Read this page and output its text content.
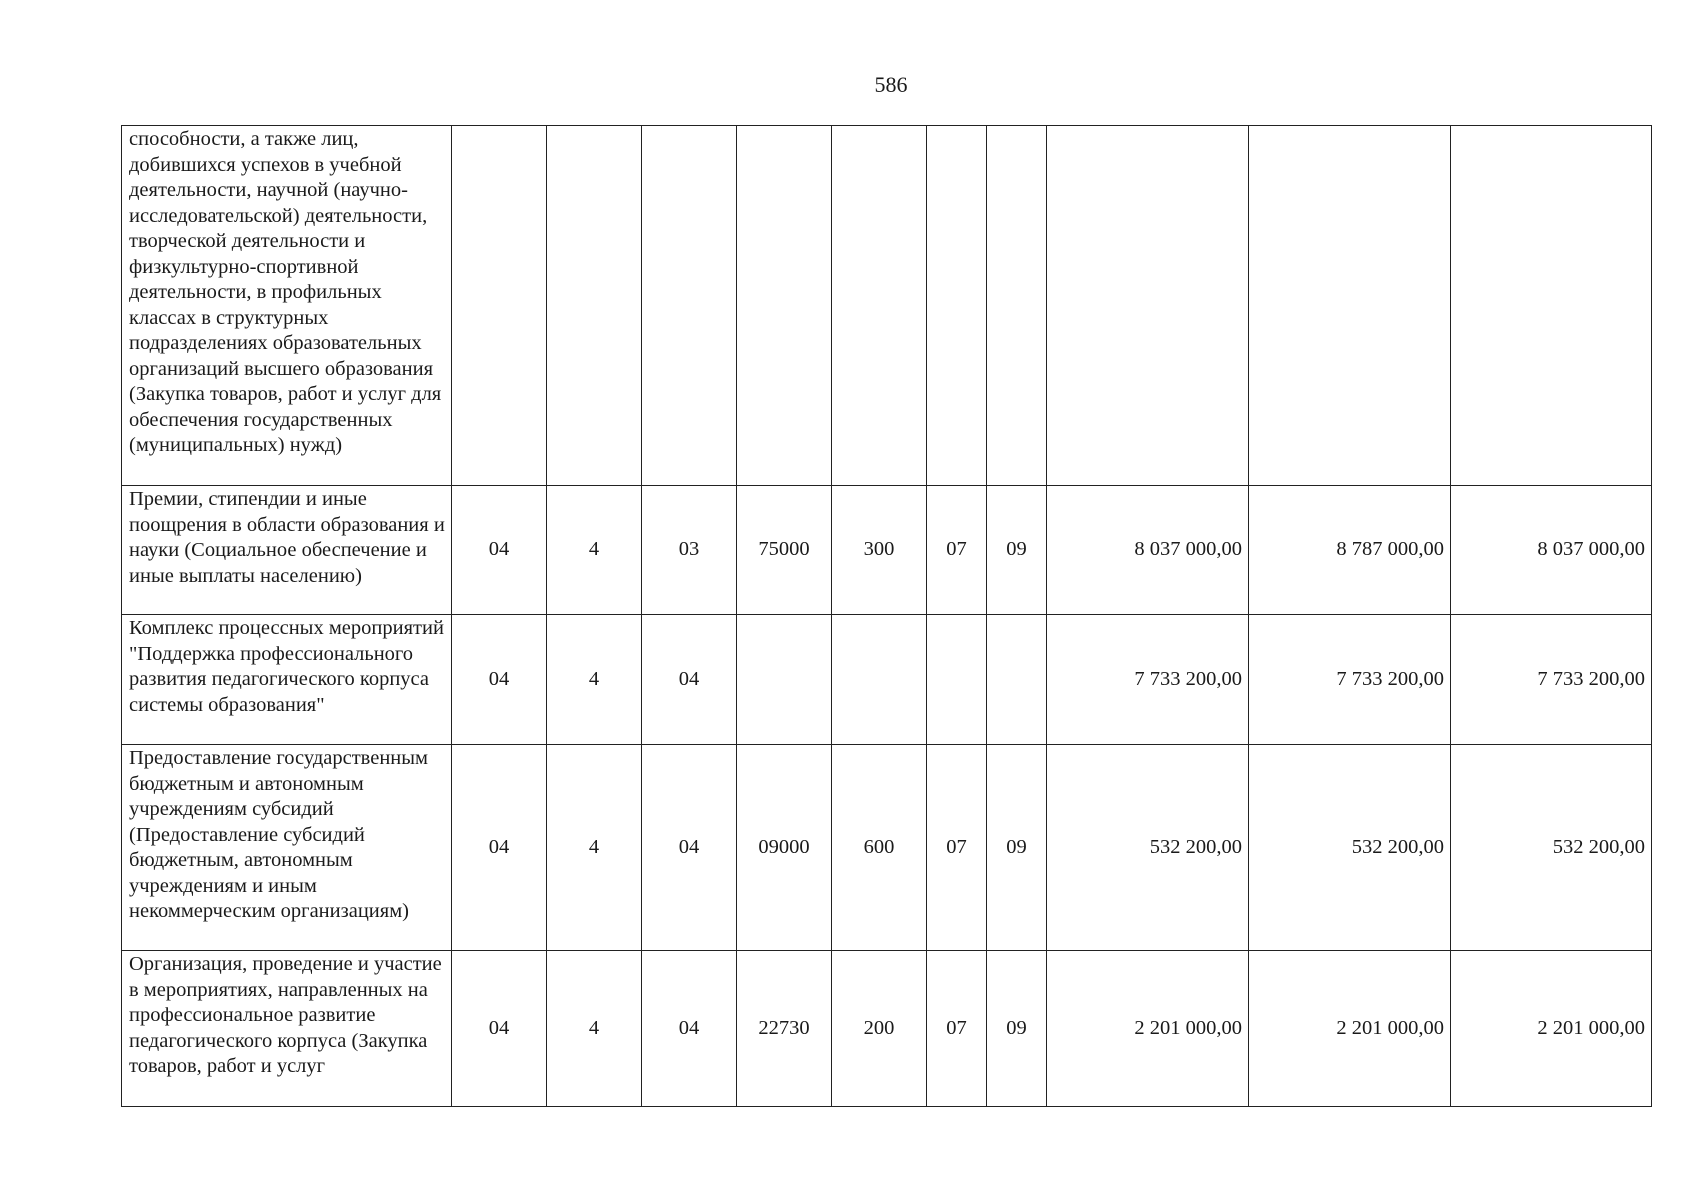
586
способности, а также лиц, добившихся успехов в учебной деятельности, научной (научно-исследовательской) деятельности, творческой деятельности и физкультурно-спортивной деятельности, в профильных классах в структурных подразделениях образовательных организаций высшего образования (Закупка товаров, работ и услуг для обеспечения государственных (муниципальных) нужд)										
Премии, стипендии и иные поощрения в области образования и науки (Социальное обеспечение и иные выплаты населению)	04	4	03	75000	300	07	09	8 037 000,00	8 787 000,00	8 037 000,00
Комплекс процессных мероприятий "Поддержка профессионального развития педагогического корпуса системы образования"	04	4	04					7 733 200,00	7 733 200,00	7 733 200,00
Предоставление государственным бюджетным и автономным учреждениям субсидий (Предоставление субсидий бюджетным, автономным учреждениям и иным некоммерческим организациям)	04	4	04	09000	600	07	09	532 200,00	532 200,00	532 200,00
Организация, проведение и участие в мероприятиях, направленных на профессиональное развитие педагогического корпуса (Закупка товаров, работ и услуг	04	4	04	22730	200	07	09	2 201 000,00	2 201 000,00	2 201 000,00
